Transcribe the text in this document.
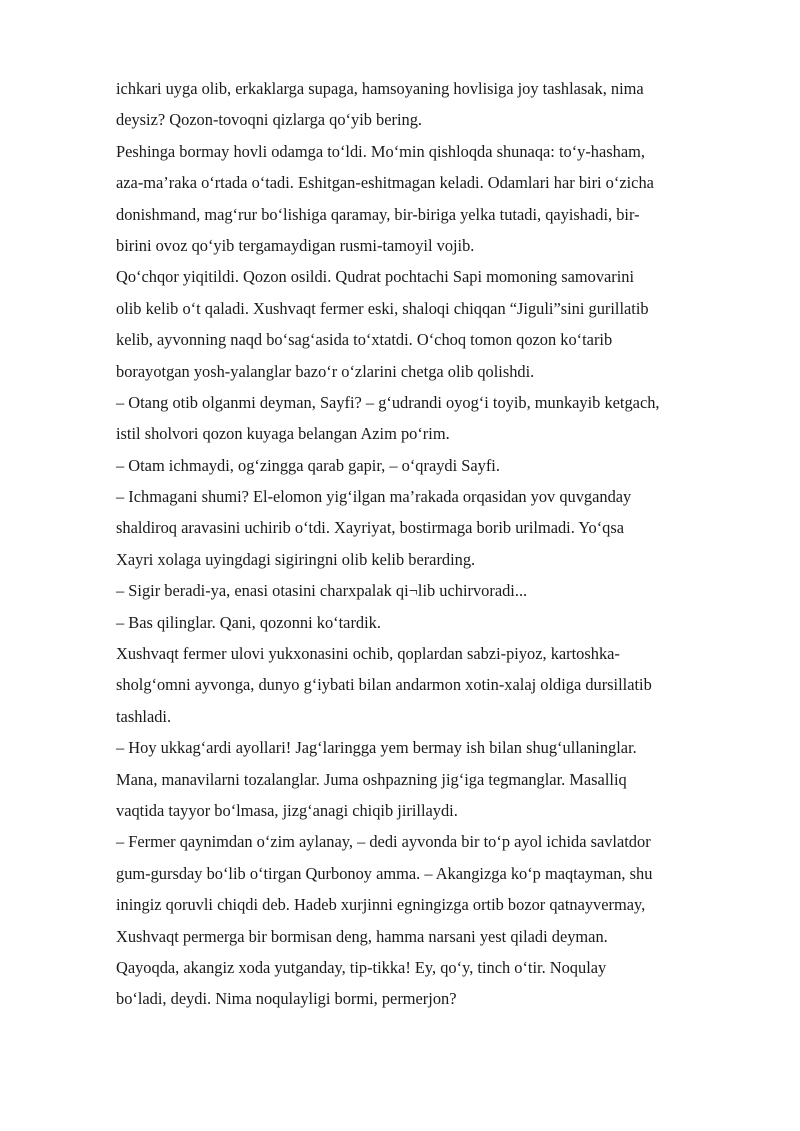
ichkari uyga olib, erkaklarga supaga, hamsoyaning hovlisiga joy tashlasak, nima
deysiz? Qozon-tovoqni qizlarga qo‘yib bering.
Peshinga bormay hovli odamga to‘ldi. Mo‘min qishloqda shunaqa: to‘y-hasham,
aza-ma’raka o‘rtada o‘tadi. Eshitgan-eshitmagan keladi. Odamlari har biri o‘zicha
donishmand, mag‘rur bo‘lishiga qaramay, bir-biriga yelka tutadi, qayishadi, bir-
birini ovoz qo‘yib tergamaydigan rusmi-tamoyil vojib.
Qo‘chqor yiqitildi. Qozon osildi. Qudrat pochtachi Sapi momoning samovarini
olib kelib o‘t qaladi. Xushvaqt fermer eski, shaloqi chiqqan “Jiguli”sini gurillatib
kelib, ayvonning naqd bo‘sag‘asida to‘xtatdi. O‘choq tomon qozon ko‘tarib
borayotgan yosh-yalanglar bazo‘r o‘zlarini chetga olib qolishdi.
– Otang otib olganmi deyman, Sayfi? – g‘udrandi oyog‘i toyib, munkayib ketgach,
istil sholvori qozon kuyaga belangan Azim po‘rim.
– Otam ichmaydi, og‘zingga qarab gapir, – o‘qraydi Sayfi.
– Ichmagani shumi? El-elomon yig‘ilgan ma’rakada orqasidan yov quvganday
shaldiroq aravasini uchirib o‘tdi. Xayriyat, bostirmaga borib urilmadi. Yo‘qsa
Xayri xolaga uyingdagi sigiringni olib kelib berarding.
– Sigir beradi-ya, enasi otasini charxpalak qi¬lib uchirvoradi...
– Bas qilinglar. Qani, qozonni ko‘tardik.
Xushvaqt fermer ulovi yukxonasini ochib, qoplardan sabzi-piyoz, kartoshka-
sholg‘omni ayvonga, dunyo g‘iybati bilan andarmon xotin-xalaj oldiga dursillatib
tashladi.
– Hoy ukkag‘ardi ayollari! Jag‘laringga yem bermay ish bilan shug‘ullaninglar.
Mana, manavilarni tozalanglar. Juma oshpazning jig‘iga tegmanglar. Masalliq
vaqtida tayyor bo‘lmasa, jizg‘anagi chiqib jirillaydi.
– Fermer qaynimdan o‘zim aylanay, – dedi ayvonda bir to‘p ayol ichida savlatdor
gum-gursday bo‘lib o‘tirgan Qurbonoy amma. – Akangizga ko‘p maqtayman, shu
iningiz qoruvli chiqdi deb. Hadeb xurjinni egningizga ortib bozor qatnayvermay,
Xushvaqt permerga bir bormisan deng, hamma narsani yest qiladi deyman.
Qayoqda, akangiz xoda yutganday, tip-tikka! Ey, qo‘y, tinch o‘tir. Noqulay
bo‘ladi, deydi. Nima noqulayligi bormi, permerjon?
